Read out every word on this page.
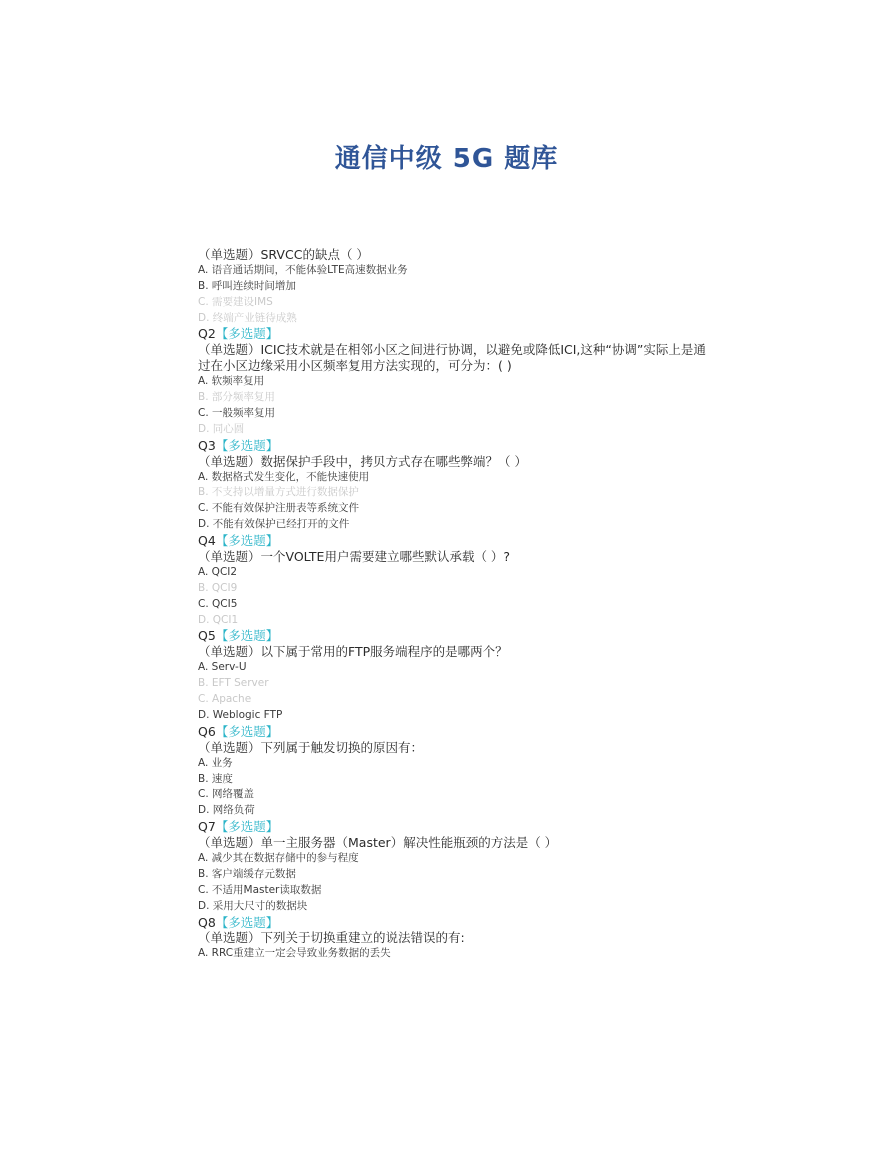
通信中级 5G 题库
（单选题）SRVCC的缺点（ ）
A. 语音通话期间，不能体验LTE高速数据业务
B. 呼叫连续时间增加
C. 需要建设IMS
D. 终端产业链待成熟
Q2【多选题】
（单选题）ICIC技术就是在相邻小区之间进行协调，以避免或降低ICI,这种“协调”实际上是通
过在小区边缘采用小区频率复用方法实现的，可分为：( )
A. 软频率复用
B. 部分频率复用
C. 一般频率复用
D. 同心圆
Q3【多选题】
（单选题）数据保护手段中，拷贝方式存在哪些弊端？（ ）
A. 数据格式发生变化，不能快速使用
B. 不支持以增量方式进行数据保护
C. 不能有效保护注册表等系统文件
D. 不能有效保护已经打开的文件
Q4【多选题】
（单选题）一个VOLTE用户需要建立哪些默认承载（ ）?
A. QCI2
B. QCI9
C. QCI5
D. QCI1
Q5【多选题】
（单选题）以下属于常用的FTP服务端程序的是哪两个？
A. Serv-U
B. EFT Server
C. Apache
D. Weblogic FTP
Q6【多选题】
（单选题）下列属于触发切换的原因有：
A. 业务
B. 速度
C. 网络覆盖
D. 网络负荷
Q7【多选题】
（单选题）单一主服务器（Master）解决性能瓶颈的方法是（ ）
A. 减少其在数据存储中的参与程度
B. 客户端缓存元数据
C. 不适用Master读取数据
D. 采用大尺寸的数据块
Q8【多选题】
（单选题）下列关于切换重建立的说法错误的有:
A. RRC重建立一定会导致业务数据的丢失
